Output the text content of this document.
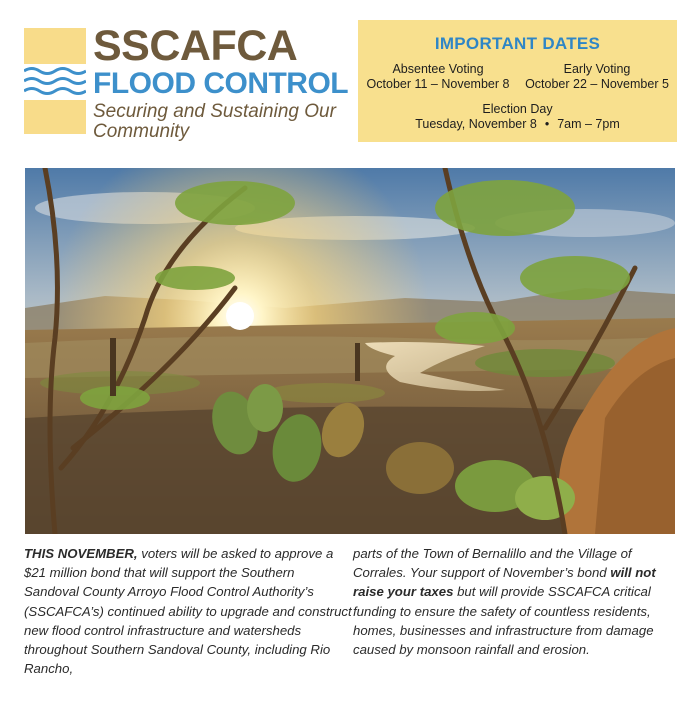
SSCAFCA
FLOOD CONTROL
Securing and Sustaining Our Community
IMPORTANT DATES
Absentee Voting
October 11 – November 8
Early Voting
October 22 – November 5
Election Day
Tuesday, November 8 • 7am – 7pm
THIS NOVEMBER, voters will be asked to approve a $21 million bond that will support the Southern Sandoval County Arroyo Flood Control Authority’s (SSCAFCA’s) continued ability to upgrade and construct new flood control infrastructure and watersheds throughout Southern Sandoval County, including Rio Rancho,
parts of the Town of Bernalillo and the Village of Corrales. Your support of November’s bond will not raise your taxes but will provide SSCAFCA critical funding to ensure the safety of countless residents, homes, businesses and infrastructure from damage caused by monsoon rainfall and erosion.
